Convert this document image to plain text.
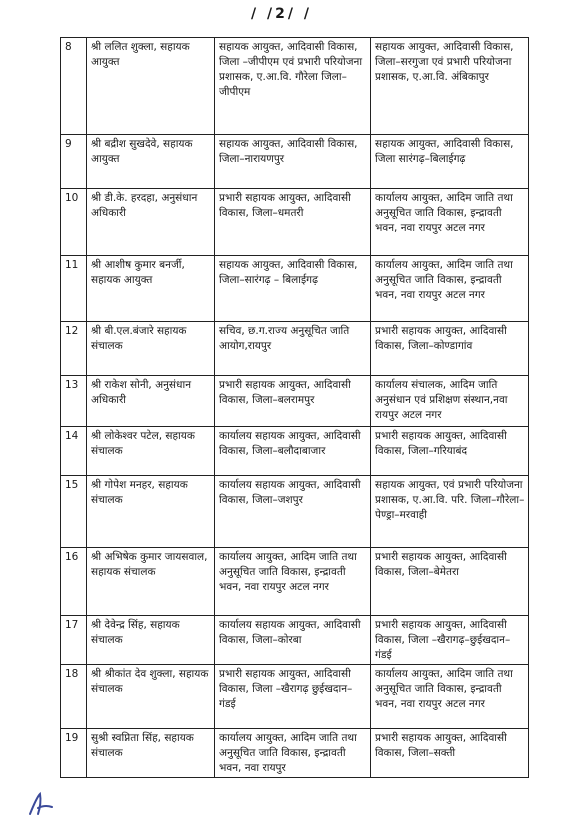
/ /2/ /
8	श्री ललित शुक्ला, सहायक आयुक्त	सहायक आयुक्त, आदिवासी विकास, जिला –जीपीएम एवं प्रभारी परियोजना प्रशासक, ए.आ.वि. गौरेला जिला–जीपीएम	सहायक आयुक्त, आदिवासी विकास, जिला–सरगुजा एवं प्रभारी परियोजना प्रशासक, ए.आ.वि. अंबिकापुर
9	श्री बद्रीश सुखदेवे, सहायक आयुक्त	सहायक आयुक्त, आदिवासी विकास, जिला–नारायणपुर	सहायक आयुक्त, आदिवासी विकास, जिला सारंगढ़–बिलाईगढ़
10	श्री डी.के. हरदहा, अनुसंधान अधिकारी	प्रभारी सहायक आयुक्त, आदिवासी विकास, जिला–धमतरी	कार्यालय आयुक्त, आदिम जाति तथा अनुसूचित जाति विकास, इन्द्रावती भवन, नवा रायपुर अटल नगर
11	श्री आशीष कुमार बनर्जी, सहायक आयुक्त	सहायक आयुक्त, आदिवासी विकास, जिला–सारंगढ़ – बिलाईगढ़	कार्यालय आयुक्त, आदिम जाति तथा अनुसूचित जाति विकास, इन्द्रावती भवन, नवा रायपुर अटल नगर
12	श्री बी.एल.बंजारे सहायक संचालक	सचिव, छ.ग.राज्य अनुसूचित जाति आयोग,रायपुर	प्रभारी सहायक आयुक्त, आदिवासी विकास, जिला–कोण्डागांव
13	श्री राकेश सोनी, अनुसंधान अधिकारी	प्रभारी सहायक आयुक्त, आदिवासी विकास, जिला–बलरामपुर	कार्यालय संचालक, आदिम जाति अनुसंधान एवं प्रशिक्षण संस्थान,नवा रायपुर अटल नगर
14	श्री लोकेश्वर पटेल, सहायक संचालक	कार्यालय सहायक आयुक्त, आदिवासी विकास, जिला–बलौदाबाजार	प्रभारी सहायक आयुक्त, आदिवासी विकास, जिला–गरियाबंद
15	श्री गोपेश मनहर, सहायक संचालक	कार्यालय सहायक आयुक्त, आदिवासी विकास, जिला–जशपुर	सहायक आयुक्त, एवं प्रभारी परियोजना प्रशासक, ए.आ.वि. परि. जिला–गौरेला–पेण्ड्रा–मरवाही
16	श्री अभिषेक कुमार जायसवाल, सहायक संचालक	कार्यालय आयुक्त, आदिम जाति तथा अनुसूचित जाति विकास, इन्द्रावती भवन, नवा रायपुर अटल नगर	प्रभारी सहायक आयुक्त, आदिवासी विकास, जिला–बेमेतरा
17	श्री देवेन्द्र सिंह, सहायक संचालक	कार्यालय सहायक आयुक्त, आदिवासी विकास, जिला–कोरबा	प्रभारी सहायक आयुक्त, आदिवासी विकास, जिला –खैरागढ़–छुईखदान– गंडई
18	श्री श्रीकांत देव शुक्ला, सहायक संचालक	प्रभारी सहायक आयुक्त, आदिवासी विकास, जिला –खैरागढ़ छुईखदान–गंडई	कार्यालय आयुक्त, आदिम जाति तथा अनुसूचित जाति विकास, इन्द्रावती भवन, नवा रायपुर अटल नगर
19	सुश्री स्वप्निता सिंह, सहायक संचालक	कार्यालय आयुक्त, आदिम जाति तथा अनुसूचित जाति विकास, इन्द्रावती भवन, नवा रायपुर	प्रभारी सहायक आयुक्त, आदिवासी विकास, जिला–सक्ती
